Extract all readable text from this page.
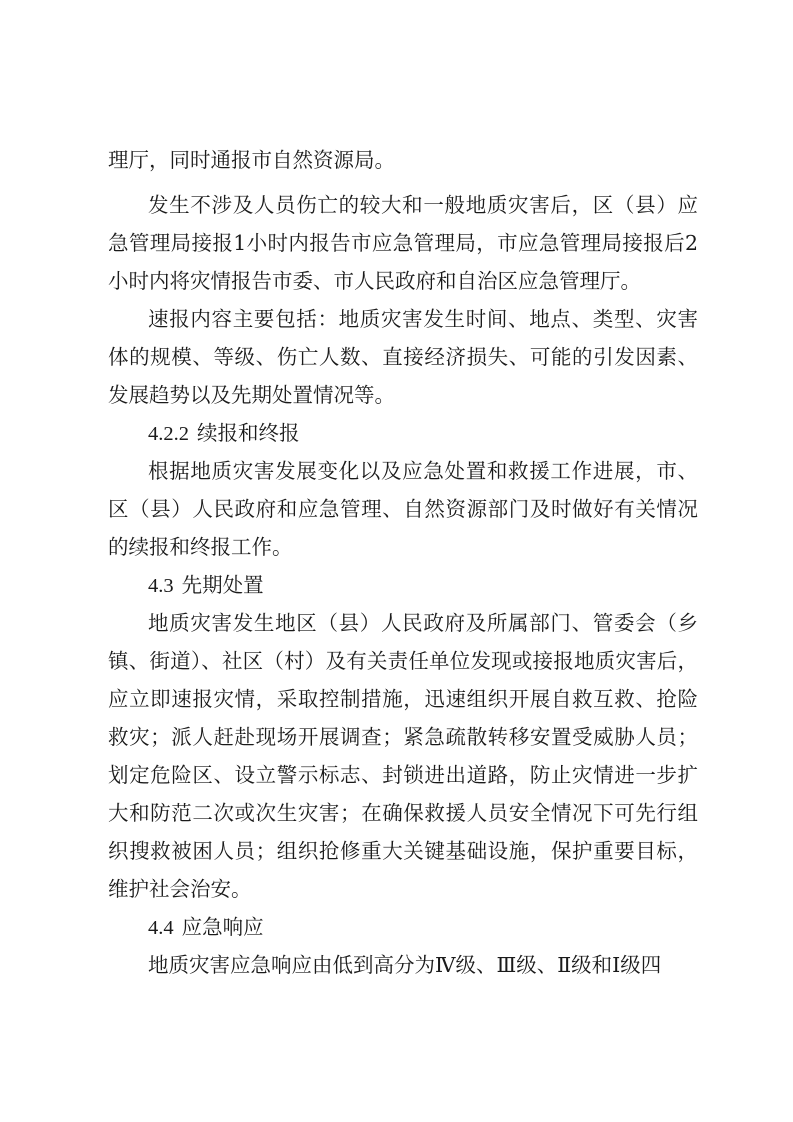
理厅，同时通报市自然资源局。
发生不涉及人员伤亡的较大和一般地质灾害后，区（县）应
急管理局接报1小时内报告市应急管理局，市应急管理局接报后2
小时内将灾情报告市委、市人民政府和自治区应急管理厅。
速报内容主要包括：地质灾害发生时间、地点、类型、灾害
体的规模、等级、伤亡人数、直接经济损失、可能的引发因素、
发展趋势以及先期处置情况等。
4.2.2 续报和终报
根据地质灾害发展变化以及应急处置和救援工作进展，市、
区（县）人民政府和应急管理、自然资源部门及时做好有关情况
的续报和终报工作。
4.3 先期处置
地质灾害发生地区（县）人民政府及所属部门、管委会（乡
镇、街道）、社区（村）及有关责任单位发现或接报地质灾害后，
应立即速报灾情，采取控制措施，迅速组织开展自救互救、抢险
救灾；派人赶赴现场开展调查；紧急疏散转移安置受威胁人员；
划定危险区、设立警示标志、封锁进出道路，防止灾情进一步扩
大和防范二次或次生灾害；在确保救援人员安全情况下可先行组
织搜救被困人员；组织抢修重大关键基础设施，保护重要目标，
维护社会治安。
4.4 应急响应
地质灾害应急响应由低到高分为Ⅳ级、Ⅲ级、Ⅱ级和Ⅰ级四
